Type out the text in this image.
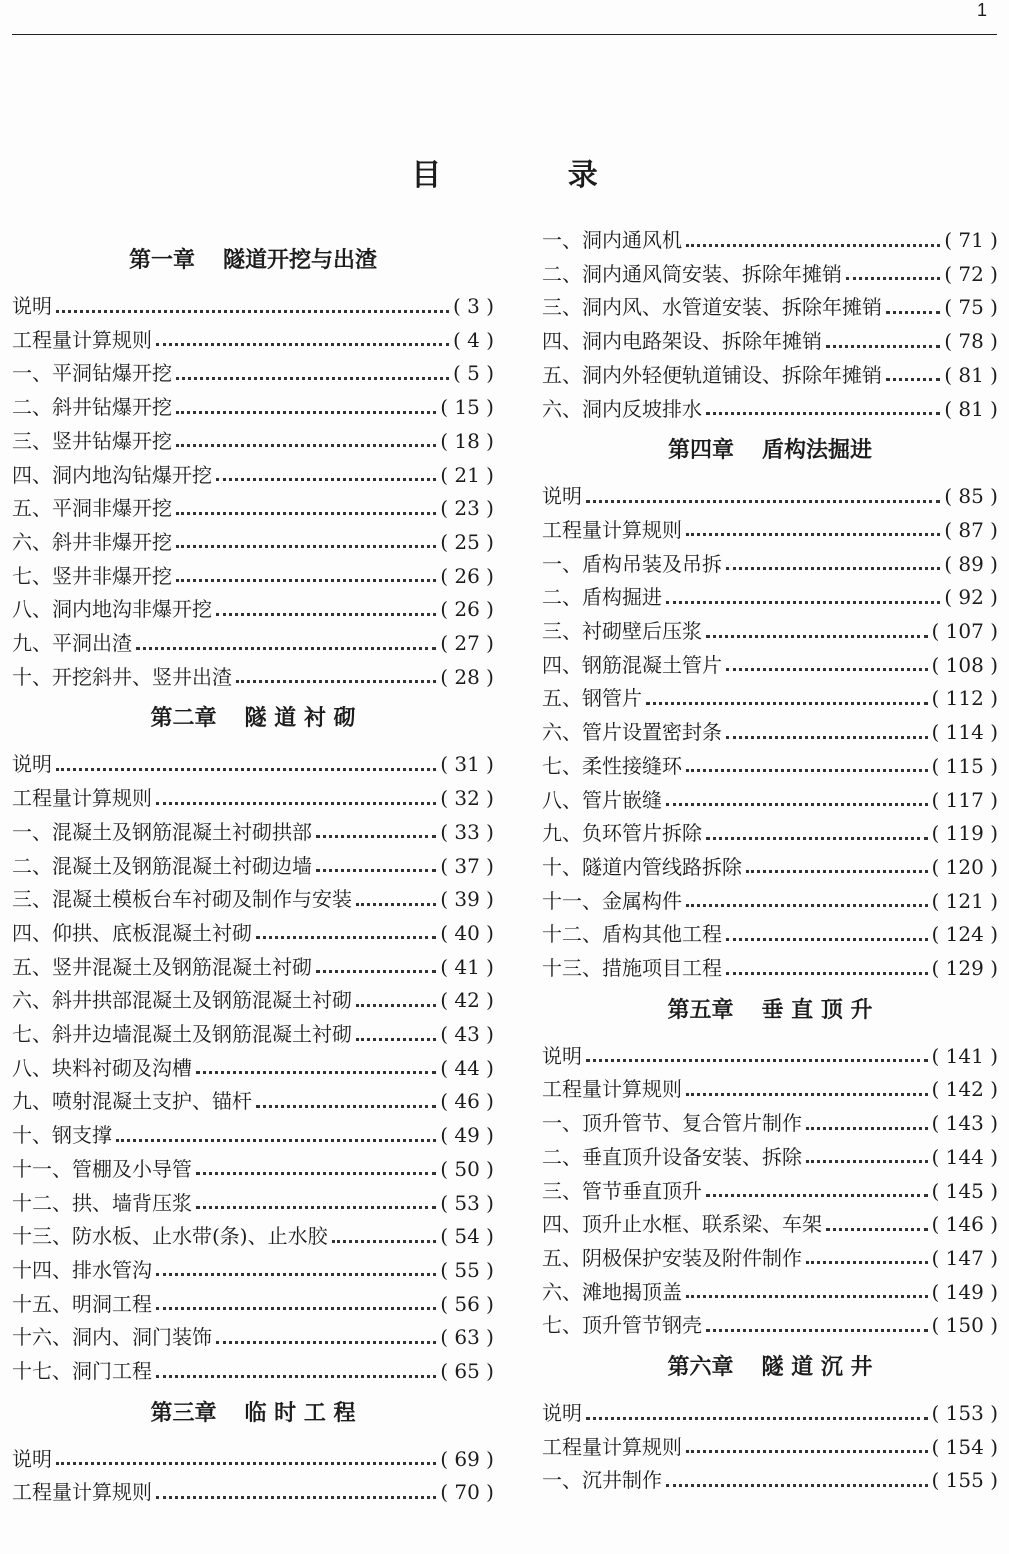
1
目 录
第一章 隧道开挖与出渣
说明	( 3 )
工程量计算规则	( 4 )
一、平洞钻爆开挖	( 5 )
二、斜井钻爆开挖	( 15 )
三、竖井钻爆开挖	( 18 )
四、洞内地沟钻爆开挖	( 21 )
五、平洞非爆开挖	( 23 )
六、斜井非爆开挖	( 25 )
七、竖井非爆开挖	( 26 )
八、洞内地沟非爆开挖	( 26 )
九、平洞出渣	( 27 )
十、开挖斜井、竖井出渣	( 28 )
第二章 隧 道 衬 砌
说明	( 31 )
工程量计算规则	( 32 )
一、混凝土及钢筋混凝土衬砌拱部	( 33 )
二、混凝土及钢筋混凝土衬砌边墙	( 37 )
三、混凝土模板台车衬砌及制作与安装	( 39 )
四、仰拱、底板混凝土衬砌	( 40 )
五、竖井混凝土及钢筋混凝土衬砌	( 41 )
六、斜井拱部混凝土及钢筋混凝土衬砌	( 42 )
七、斜井边墙混凝土及钢筋混凝土衬砌	( 43 )
八、块料衬砌及沟槽	( 44 )
九、喷射混凝土支护、锚杆	( 46 )
十、钢支撑	( 49 )
十一、管棚及小导管	( 50 )
十二、拱、墙背压浆	( 53 )
十三、防水板、止水带(条)、止水胶	( 54 )
十四、排水管沟	( 55 )
十五、明洞工程	( 56 )
十六、洞内、洞门装饰	( 63 )
十七、洞门工程	( 65 )
第三章 临 时 工 程
说明	( 69 )
工程量计算规则	( 70 )
一、洞内通风机	( 71 )
二、洞内通风筒安装、拆除年摊销	( 72 )
三、洞内风、水管道安装、拆除年摊销	( 75 )
四、洞内电路架设、拆除年摊销	( 78 )
五、洞内外轻便轨道铺设、拆除年摊销	( 81 )
六、洞内反坡排水	( 81 )
第四章 盾构法掘进
说明	( 85 )
工程量计算规则	( 87 )
一、盾构吊装及吊拆	( 89 )
二、盾构掘进	( 92 )
三、衬砌壁后压浆	( 107 )
四、钢筋混凝土管片	( 108 )
五、钢管片	( 112 )
六、管片设置密封条	( 114 )
七、柔性接缝环	( 115 )
八、管片嵌缝	( 117 )
九、负环管片拆除	( 119 )
十、隧道内管线路拆除	( 120 )
十一、金属构件	( 121 )
十二、盾构其他工程	( 124 )
十三、措施项目工程	( 129 )
第五章 垂 直 顶 升
说明	( 141 )
工程量计算规则	( 142 )
一、顶升管节、复合管片制作	( 143 )
二、垂直顶升设备安装、拆除	( 144 )
三、管节垂直顶升	( 145 )
四、顶升止水框、联系梁、车架	( 146 )
五、阴极保护安装及附件制作	( 147 )
六、滩地揭顶盖	( 149 )
七、顶升管节钢壳	( 150 )
第六章 隧 道 沉 井
说明	( 153 )
工程量计算规则	( 154 )
一、沉井制作	( 155 )
